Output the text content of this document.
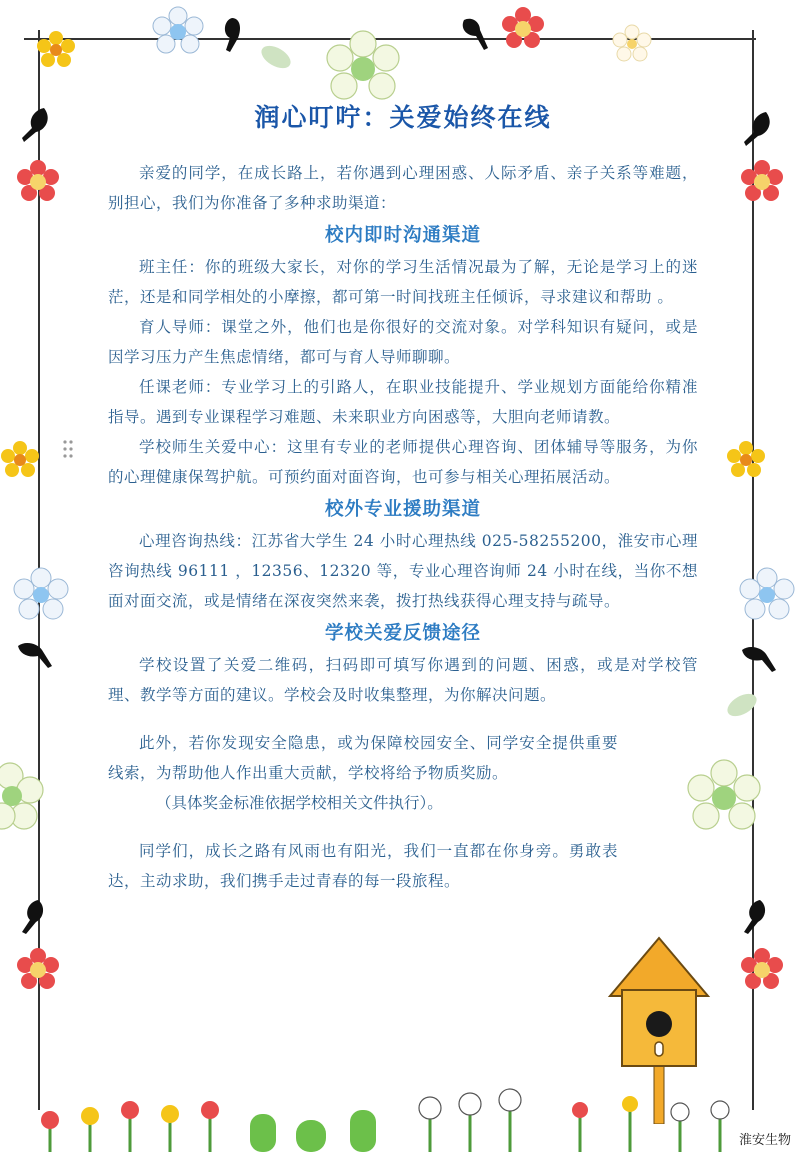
润心叮咛：关爱始终在线

亲爱的同学，在成长路上，若你遇到心理困惑、人际矛盾、亲子关系等难题，别担心，我们为你准备了多种求助渠道：

校内即时沟通渠道

班主任：你的班级大家长，对你的学习生活情况最为了解，无论是学习上的迷茫，还是和同学相处的小摩擦，都可第一时间找班主任倾诉，寻求建议和帮助 。

育人导师：课堂之外，他们也是你很好的交流对象。对学科知识有疑问，或是因学习压力产生焦虑情绪，都可与育人导师聊聊。

任课老师：专业学习上的引路人，在职业技能提升、学业规划方面能给你精准指导。遇到专业课程学习难题、未来职业方向困惑等，大胆向老师请教。

学校师生关爱中心：这里有专业的老师提供心理咨询、团体辅导等服务，为你的心理健康保驾护航。可预约面对面咨询，也可参与相关心理拓展活动。

校外专业援助渠道

心理咨询热线：江苏省大学生 24 小时心理热线 025-58255200，淮安市心理咨询热线 96111 ，12356、12320 等，专业心理咨询师 24 小时在线，当你不想面对面交流，或是情绪在深夜突然来袭，拨打热线获得心理支持与疏导。

学校关爱反馈途径

学校设置了关爱二维码，扫码即可填写你遇到的问题、困惑，或是对学校管理、教学等方面的建议。学校会及时收集整理，为你解决问题。

此外，若你发现安全隐患，或为保障校园安全、同学安全提供重要线索，为帮助他人作出重大贡献，学校将给予物质奖励。

（具体奖金标准依据学校相关文件执行）。

同学们，成长之路有风雨也有阳光，我们一直都在你身旁。勇敢表达，主动求助，我们携手走过青春的每一段旅程。

淮安生物
